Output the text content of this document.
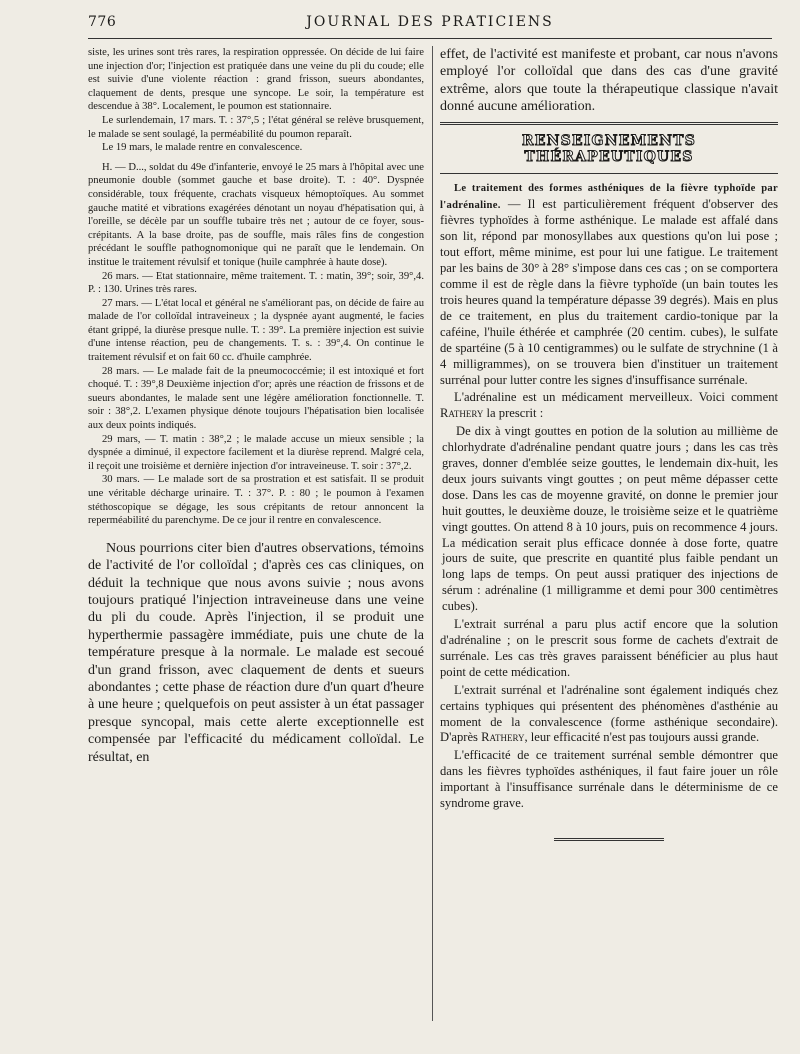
776	JOURNAL DES PRATICIENS

siste, les urines sont très rares, la respiration oppressée. On décide de lui faire une injection d'or; l'injection est pratiquée dans une veine du pli du coude; elle est suivie d'une violente réaction : grand frisson, sueurs abondantes, claquement de dents, presque une syncope. Le soir, la température est descendue à 38°. Localement, le poumon est stationnaire.

Le surlendemain, 17 mars. T. : 37°,5 ; l'état général se relève brusquement, le malade se sent soulagé, la perméabilité du poumon reparaît.

Le 19 mars, le malade rentre en convalescence.

H. — D..., soldat du 49e d'infanterie, envoyé le 25 mars à l'hôpital avec une pneumonie double (sommet gauche et base droite). T. : 40°. Dyspnée considérable, toux fréquente, crachats visqueux hémoptoïques. Au sommet gauche matité et vibrations exagérées dénotant un noyau d'hépatisation qui, à l'oreille, se décèle par un souffle tubaire très net ; autour de ce foyer, sous-crépitants. A la base droite, pas de souffle, mais râles fins de congestion précédant le souffle pathognomonique qui ne paraît que le lendemain. On institue le traitement révulsif et tonique (huile camphrée à haute dose).

26 mars. — Etat stationnaire, même traitement. T. : matin, 39°; soir, 39°,4. P. : 130. Urines très rares.

27 mars. — L'état local et général ne s'améliorant pas, on décide de faire au malade de l'or colloïdal intraveineux ; la dyspnée ayant augmenté, le facies étant grippé, la diurèse presque nulle. T. : 39°. La première injection est suivie d'une intense réaction, peu de changements. T. s. : 39°,4. On continue le traitement révulsif et on fait 60 cc. d'huile camphrée.

28 mars. — Le malade fait de la pneumococcémie; il est intoxiqué et fort choqué. T. : 39°,8 Deuxième injection d'or; après une réaction de frissons et de sueurs abondantes, le malade sent une légère amélioration fonctionnelle. T. soir : 38°,2. L'examen physique dénote toujours l'hépatisation bien localisée aux deux points indiqués.

29 mars, — T. matin : 38°,2 ; le malade accuse un mieux sensible ; la dyspnée a diminué, il expectore facilement et la diurèse reprend. Malgré cela, il reçoit une troisième et dernière injection d'or intraveineuse. T. soir : 37°,2.

30 mars. — Le malade sort de sa prostration et est satisfait. Il se produit une véritable décharge urinaire. T. : 37°. P. : 80 ; le poumon à l'examen stéthoscopique se dégage, les sous crépitants de retour annoncent la reperméabilité du parenchyme. De ce jour il rentre en convalescence.

Nous pourrions citer bien d'autres observations, témoins de l'activité de l'or colloïdal ; d'après ces cas cliniques, on déduit la technique que nous avons suivie ; nous avons toujours pratiqué l'injection intraveineuse dans une veine du pli du coude. Après l'injection, il se produit une hyperthermie passagère immédiate, puis une chute de la température presque à la normale. Le malade est secoué d'un grand frisson, avec claquement de dents et sueurs abondantes ; cette phase de réaction dure d'un quart d'heure à une heure ; quelquefois on peut assister à un état passager presque syncopal, mais cette alerte exceptionnelle est compensée par l'efficacité du médicament colloïdal. Le résultat, en

effet, de l'activité est manifeste et probant, car nous n'avons employé l'or colloïdal que dans des cas d'une gravité extrême, alors que toute la thérapeutique classique n'avait donné aucune amélioration.

RENSEIGNEMENTS THÉRAPEUTIQUES

Le traitement des formes asthéniques de la fièvre typhoïde par l'adrénaline. — Il est particulièrement fréquent d'observer des fièvres typhoïdes à forme asthénique. Le malade est affalé dans son lit, répond par monosyllabes aux questions qu'on lui pose ; tout effort, même minime, est pour lui une fatigue. Le traitement par les bains de 30° à 28° s'impose dans ces cas ; on se comportera comme il est de règle dans la fièvre typhoïde (un bain toutes les trois heures quand la température dépasse 39 degrés). Mais en plus de ce traitement, en plus du traitement cardio-tonique par la caféine, l'huile éthérée et camphrée (20 centim. cubes), le sulfate de spartéine (5 à 10 centigrammes) ou le sulfate de strychnine (1 à 4 milligrammes), on se trouvera bien d'instituer un traitement surrénal pour lutter contre les signes d'insuffisance surrénale.

L'adrénaline est un médicament merveilleux. Voici comment Rathery la prescrit :

De dix à vingt gouttes en potion de la solution au millième de chlorhydrate d'adrénaline pendant quatre jours ; dans les cas très graves, donner d'emblée seize gouttes, le lendemain dix-huit, les deux jours suivants vingt gouttes ; on peut même dépasser cette dose. Dans les cas de moyenne gravité, on donne le premier jour huit gouttes, le deuxième douze, le troisième seize et le quatrième vingt gouttes. On attend 8 à 10 jours, puis on recommence 4 jours. La médication serait plus efficace donnée à dose forte, quatre jours de suite, que prescrite en quantité plus faible pendant un long laps de temps. On peut aussi pratiquer des injections de sérum : adrénaline (1 milligramme et demi pour 300 centimètres cubes).

L'extrait surrénal a paru plus actif encore que la solution d'adrénaline ; on le prescrit sous forme de cachets d'extrait de surrénale. Les cas très graves paraissent bénéficier au plus haut point de cette médication.

L'extrait surrénal et l'adrénaline sont également indiqués chez certains typhiques qui présentent des phénomènes d'asthénie au moment de la convalescence (forme asthénique secondaire). D'après Rathery, leur efficacité n'est pas toujours aussi grande.

L'efficacité de ce traitement surrénal semble démontrer que dans les fièvres typhoïdes asthéniques, il faut faire jouer un rôle important à l'insuffisance surrénale dans le déterminisme de ce syndrome grave.
